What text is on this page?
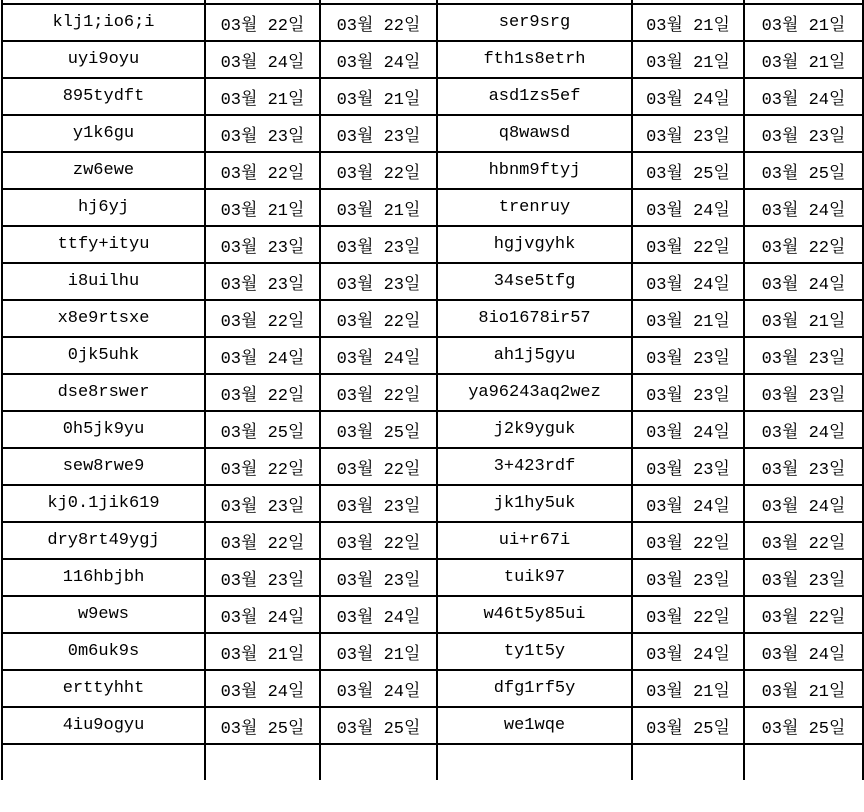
klj1;io6;i	03월 22일	03월 22일	ser9srg	03월 21일	03월 21일
uyi9oyu	03월 24일	03월 24일	fth1s8etrh	03월 21일	03월 21일
895tydft	03월 21일	03월 21일	asd1zs5ef	03월 24일	03월 24일
y1k6gu	03월 23일	03월 23일	q8wawsd	03월 23일	03월 23일
zw6ewe	03월 22일	03월 22일	hbnm9ftyj	03월 25일	03월 25일
hj6yj	03월 21일	03월 21일	trenruy	03월 24일	03월 24일
ttfy+ityu	03월 23일	03월 23일	hgjvgyhk	03월 22일	03월 22일
i8uilhu	03월 23일	03월 23일	34se5tfg	03월 24일	03월 24일
x8e9rtsxe	03월 22일	03월 22일	8io1678ir57	03월 21일	03월 21일
0jk5uhk	03월 24일	03월 24일	ah1j5gyu	03월 23일	03월 23일
dse8rswer	03월 22일	03월 22일	ya96243aq2wez	03월 23일	03월 23일
0h5jk9yu	03월 25일	03월 25일	j2k9yguk	03월 24일	03월 24일
sew8rwe9	03월 22일	03월 22일	3+423rdf	03월 23일	03월 23일
kj0.1jik619	03월 23일	03월 23일	jk1hy5uk	03월 24일	03월 24일
dry8rt49ygj	03월 22일	03월 22일	ui+r67i	03월 22일	03월 22일
116hbjbh	03월 23일	03월 23일	tuik97	03월 23일	03월 23일
w9ews	03월 24일	03월 24일	w46t5y85ui	03월 22일	03월 22일
0m6uk9s	03월 21일	03월 21일	ty1t5y	03월 24일	03월 24일
erttyhht	03월 24일	03월 24일	dfg1rf5y	03월 21일	03월 21일
4iu9ogyu	03월 25일	03월 25일	we1wqe	03월 25일	03월 25일
